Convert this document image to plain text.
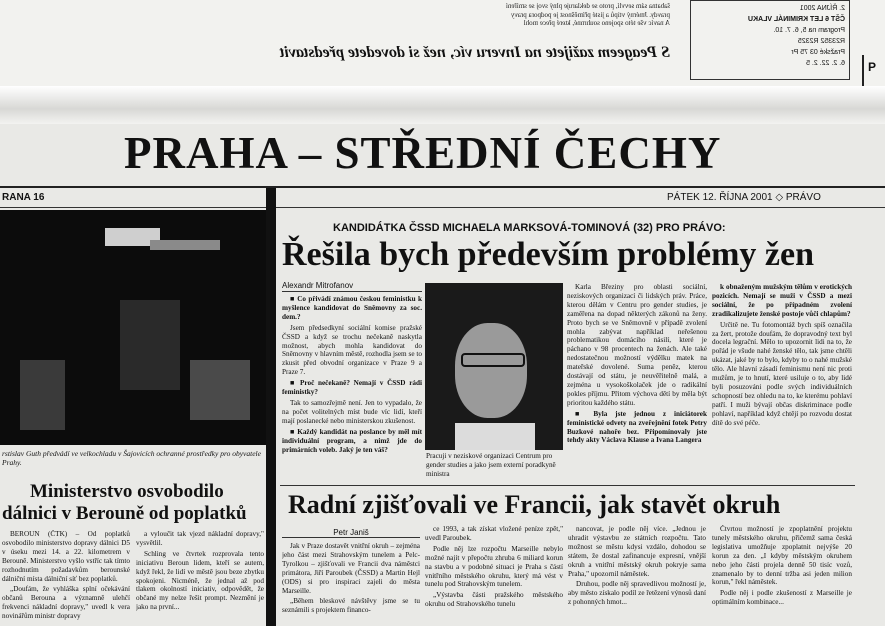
šabatna sám sevvlí, proto se deklaruje plný svoj se smíření
pravdy. Jmérný vtipů a jisté příměšnost je podpora pravy
A navíc vše této spojeno souhrnné, které přece mohl
S Peageem zažijete na Inveru víc, než si dovedete představit
2. ŘÍJNA 2001
ČŠT 6 LET KRIMINÁL VLAKU
Program na 5, 6. 7. 10.
R23352 R2325
Pražské 03 75 Pr
6. 2. 22. 2. 5 P
PRAHA – STŘEDNÍ ČECHY
RANA 16	PÁTEK 12. ŘÍJNA 2001 ◇ PRÁVO
rstislav Guth předvádí ve velkochladu v Šajovicích ochranné prostředky pro obyvatele Prahy.
Ministerstvo osvobodilo
dálnici v Berouně od poplatků

BEROUN (ČTK) – Od poplatků osvobodilo ministerstvo dopravy dálnici D5 v úseku mezi 14. a 22. kilometrem v Berouně. Ministerstvo vyšlo vstříc tak tímto rozhodnutím požadavkům berounské dálniční místa dálniční síť bez poplatků.

„Doufám, že vyhláška splní očekávání občanů Berouna a významně ulehčí frekvenci nákladní dopravy," uvedl k vera novinářům ministr dopravy

a vyloučit tak vjezd nákladní dopravy," vysvětlil.

Schling ve čtvrtek rozprovala tento iniciativu Beroun lidem, kteří se autem, když řekl, že lidí ve městě jsou beze zbytku spokojeni. Nicméně, že jednal až pod tlakem okolností iniciativ, odpovědět, že občané my nelze řešit prompt. Nezmění je jako na první...

KANDIDÁTKA ČSSD MICHAELA MARKSOVÁ-TOMINOVÁ (32) PRO PRÁVO:
Řešila bych především problémy žen
Alexandr Mitrofanov

■ Co přivádí známou českou feministku k myšlence kandidovat do Sněmovny za soc. dem.?

Jsem předsedkyní sociální komise pražské ČSSD a když se trochu nečekaně naskytla možnost, abych mohla kandidovat do Sněmovny v hlavním městě, rozhodla jsem se to zkusit před obvodní organizace v Praze 9 a Praze 7.

■ Proč nečekaně? Nemají v ČSSD rádi feministky?

Tak to samozřejmě není. Jen to vypadalo, že na počet volitelných míst bude víc lidí, kteří mají poslanecké nebo ministerskou zkušenost.

■ Každý kandidát na poslance by měl mít individuální program, a nimž jde do primárních voleb. Jaký je ten váš?

Pracuji v neziskové organizaci Centrum pro gender studies a jako jsem externí poradkyně ministra

Karla Březiny pro oblasti sociální, neziskových organizací či lidských práv. Práce, kterou dělám v Centru pro gender studies, je zaměřena na dopad některých zákonů na ženy. Proto bych se ve Sněmovně v případě zvolení mohla zabývat například neřešenou problematikou domácího násilí, které je páchano v 98 procentech na ženách. Ale také nedostatečnou možností výdělku matek na mateřské dovolené. Suma peněz, kterou dostávají od státu, je neuvěřitelně malá, a zejména u vysokoškolaček jde o radikální pokles příjmu. Přitom výchova dětí by měla být prioritou každého státu.

■ Byla jste jednou z iniciátorek feministické odvety na zveřejnění fotek Petry Buzkové nahoře bez. Připomínovaly jste tehdy akty Václava Klause a Ivana Langera

k obnaženým mužským tělům v erotických pozicích. Nemají se muži v ČSSD a mezi sociální, že po případném zvolení zradikalizujete ženské postoje vůči chlapům?

Určitě ne. Tu fotomontáž bych spíš označila za žert, protože doufám, že dopravodný text byl docela legrační. Mělo to upozornit lidi na to, že pořád je všude nahé ženské tělo, tak jsme chtěli ukázat, jaké by to bylo, kdyby to o nahé mužské tělo. Ale hlavní zásadí feminismu není nic proti mužům, je to hnutí, které usiluje o to, aby lidé byli posuzováni podle svých individuálních schopností bez ohledu na to, ke kterému pohlaví patří. I muži bývají občas diskriminace podle pohlaví, například když chtějí po rozvodu dostat dítě do své péče.

Radní zjišťovali ve Francii, jak stavět okruh
Petr Janiš

Jak v Praze dostavět vnitřní okruh – zejména jeho část mezi Strahovským tunelem a Pelc-Tyrolkou – zjišťovali ve Francii dva náměstci primátora, Jiří Paroubek (ČSSD) a Martin Hejl (ODS) si pro inspiraci zajeli do města Marseille.

„Během bleskové návštěvy jsme se tu seznámili s projektem financo-

ce 1993, a tak získat vložené peníze zpět," uvedl Paroubek.

Podle něj lze rozpočtu Marseille nebylo možné najít v přepočtu zhruba 6 miliard korun na stavbu a v podobné situaci je Praha s částí vnitřního městského okruhu, který má vést v tunelu pod Strahovským tunelem.

„Výstavba části pražského městského okruhu od Strahovského tunelu

nancovat, je podle něj více. „Jednou je uhradit výstavbu ze státních rozpočtu. Tato možnost se městu kdysi vzdálo, dohodou se státem, že dostal zafinancuje expresní, vnější okruh a vnitřní městský okruh pokryje sama Praha," upozornil náměstek.

Druhou, podle něj spravedlivou možností je, aby město získalo podíl ze řetězení výnosů daní z pohonných hmot...

Čtvrtou možností je zpoplatnění projektu tunely městského okruhu, přičemž sama česká legislativa umožňuje zpoplatnit nejvýše 20 korun za den. „I kdyby městským okruhem nebo jeho části projela denně 50 tisíc vozů, znamenalo by to denní tržba asi jeden milion korun," řekl náměstek.

Podle něj i podle zkušeností z Marseille je optimálním kombinace...
